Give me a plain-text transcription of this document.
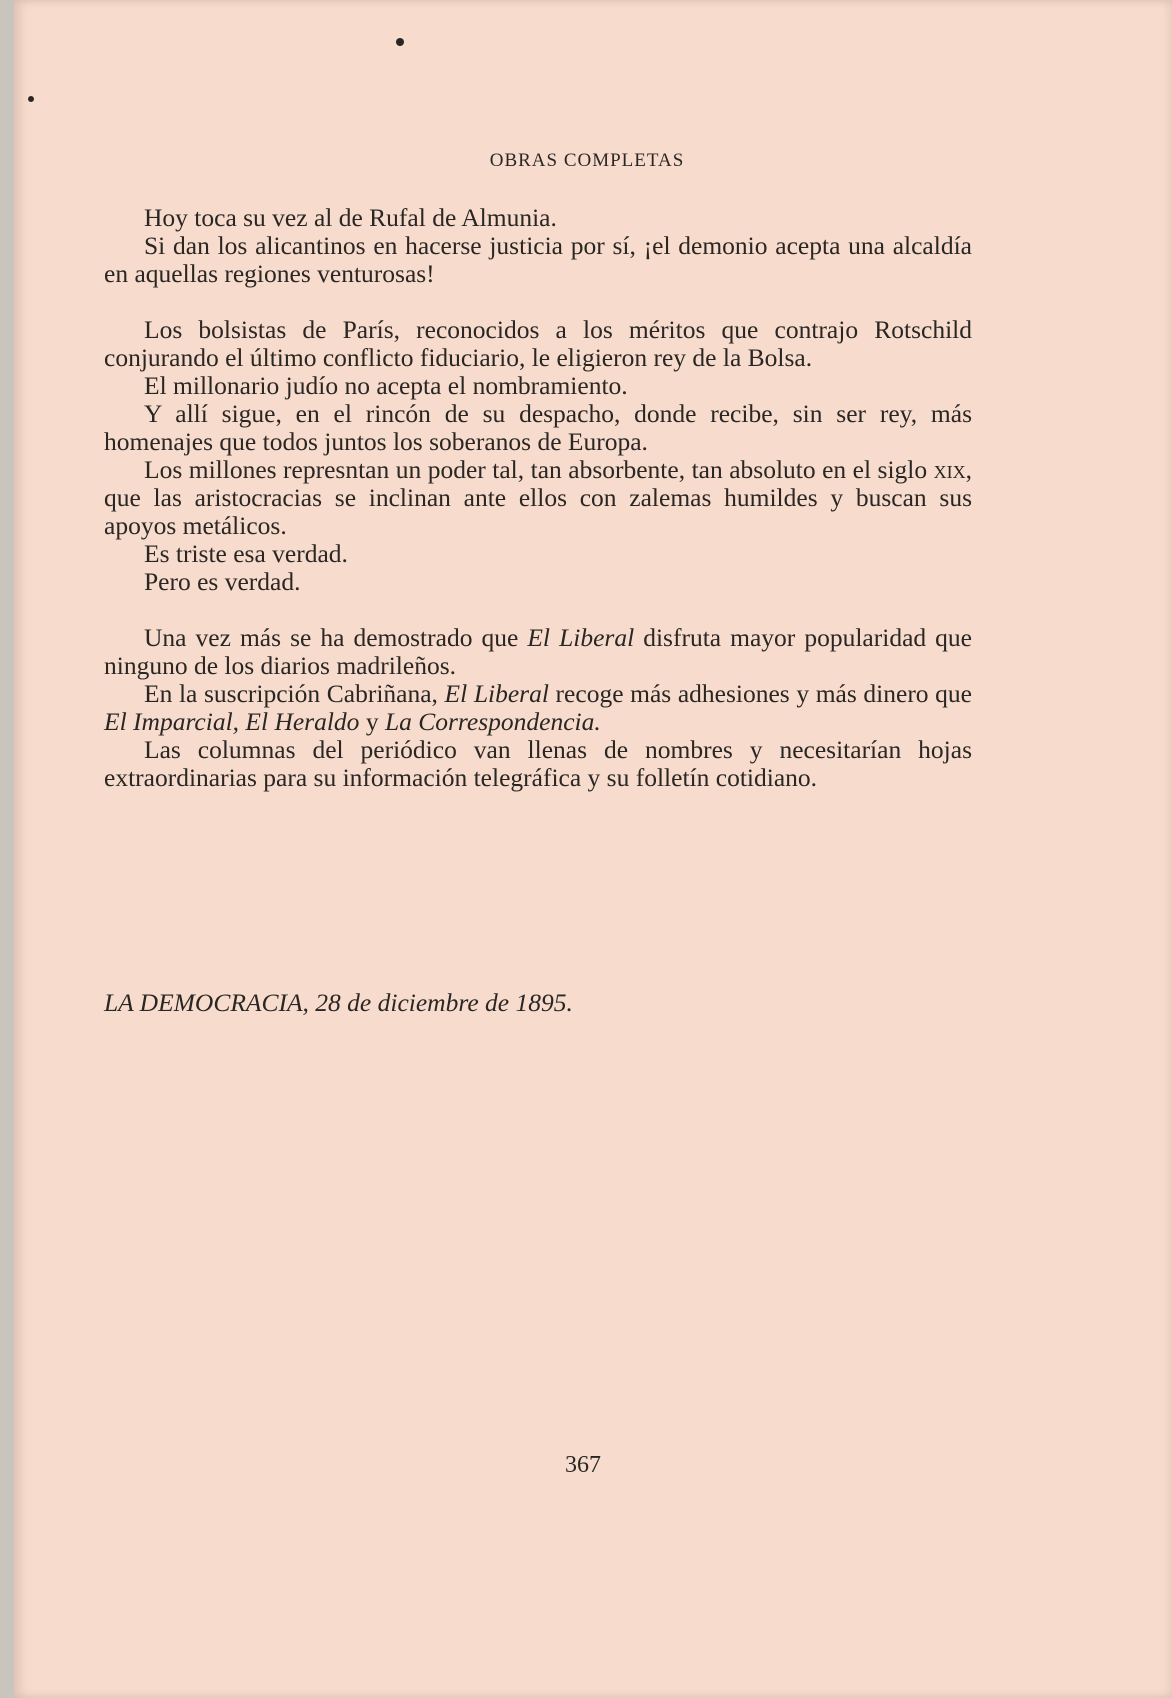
OBRAS COMPLETAS

Hoy toca su vez al de Rufal de Almunia.

Si dan los alicantinos en hacerse justicia por sí, ¡el demonio acepta una alcaldía en aquellas regiones venturosas!

Los bolsistas de París, reconocidos a los méritos que contrajo Rotschild conjurando el último conflicto fiduciario, le eligieron rey de la Bolsa.

El millonario judío no acepta el nombramiento.

Y allí sigue, en el rincón de su despacho, donde recibe, sin ser rey, más homenajes que todos juntos los soberanos de Europa.

Los millones represntan un poder tal, tan absorbente, tan absoluto en el siglo xix, que las aristocracias se inclinan ante ellos con zalemas humildes y buscan sus apoyos metálicos.

Es triste esa verdad.

Pero es verdad.

Una vez más se ha demostrado que El Liberal disfruta mayor popularidad que ninguno de los diarios madrileños.

En la suscripción Cabriñana, El Liberal recoge más adhesiones y más dinero que El Imparcial, El Heraldo y La Correspondencia.

Las columnas del periódico van llenas de nombres y necesitarían hojas extraordinarias para su información telegráfica y su folletín cotidiano.

LA DEMOCRACIA, 28 de diciembre de 1895.
367
